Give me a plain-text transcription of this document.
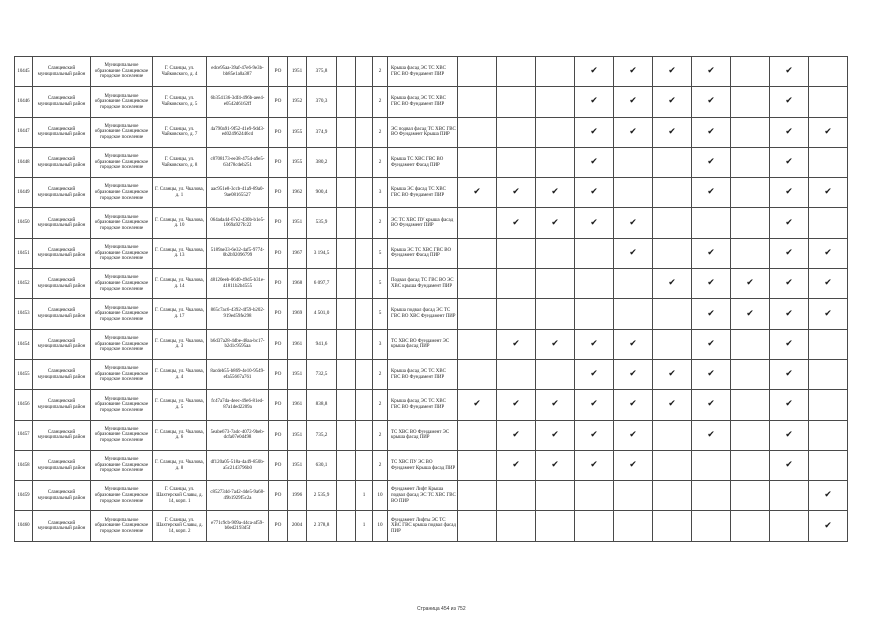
10445	Сланцевский муниципальный район	Муниципальное образование Сланцевское городское поселение	Г. Сланцы, ул. Чайковского, д. 4	edce95aa-39af-47e6-9e3b-bb85e1a0a387	РО	1951	375,8			2	Крыша фасад ЭС ТС ХВС ГВС ВО Фундамент ПИР				✔	✔	✔	✔		✔	
10446	Сланцевский муниципальный район	Муниципальное образование Сланцевское городское поселение	Г. Сланцы, ул. Чайковского, д. 5	6b354136-3df4-496b-aee4-e0542d6162ff	РО	1952	370,3			2	Крыша фасад ЭС ТС ХВС ГВС ВО Фундамент ПИР				✔	✔	✔	✔		✔	
10447	Сланцевский муниципальный район	Муниципальное образование Сланцевское городское поселение	Г. Сланцы, ул. Чайковского, д. 7	4a790a91-9f52-41e9-9dd3-ed024962446cd	РО	1955	374,9			2	ЭС подвал фасад ТС ХВС ГВС ВО Фундамент Крыша ПИР				✔	✔	✔	✔		✔	✔
10448	Сланцевский муниципальный район	Муниципальное образование Сланцевское городское поселение	Г. Сланцы, ул. Чайковского, д. 8	c8708173-ee38-4754-a9e5-63478cdeb251	РО	1955	380,2			2	Крыша ТС ХВС ГВС ВО Фундамент Фасад ПИР				✔			✔		✔	
10449	Сланцевский муниципальный район	Муниципальное образование Сланцевское городское поселение	Г. Сланцы, ул. Чкалова, д. 1	aac951e8-3ccb-41a9-89a0-9ae08165527	РО	1962	900,4			3	Крыша ЭС фасад ТС ХВС ГВС ВО Фундамент ПИР	✔	✔	✔	✔			✔		✔	✔
10450	Сланцевский муниципальный район	Муниципальное образование Сланцевское городское поселение	Г. Сланцы, ул. Чкалова, д. 10	064ada44-67e2-430b-b1e5-1069a927fc22	РО	1951	535,9			2	ЭС ТС ХВС ПУ крыша фасад ВО Фундамент ПИР		✔	✔	✔	✔				✔	
10451	Сланцевский муниципальный район	Муниципальное образование Сланцевское городское поселение	Г. Сланцы, ул. Чкалова, д. 13	5189ae33-6e32-4af5-9774-0b2b92096799	РО	1967	3 194,5			5	Крыша ЭС ТС ХВС ГВС ВО Фундамент Фасад ПИР					✔		✔		✔	✔
10452	Сланцевский муниципальный район	Муниципальное образование Сланцевское городское поселение	Г. Сланцы, ул. Чкалова, д. 14	48120eeb-0640-49d5-b31e-41811b2b4555	РО	1968	6 097,7			5	Подвал фасад ТС ГВС ВО ЭС ХВС крыша Фундамент ПИР						✔	✔	✔	✔	✔
10453	Сланцевский муниципальный район	Муниципальное образование Сланцевское городское поселение	Г. Сланцы, ул. Чкалова, д. 17	865c7ac6-4392-4f59-b202-919ed59fe298	РО	1969	4 501,0			5	Крыша подвал фасад ЭС ТС ГВС ВО ХВС Фундамент ПИР							✔	✔	✔	✔
10454	Сланцевский муниципальный район	Муниципальное образование Сланцевское городское поселение	Г. Сланцы, ул. Чкалова, д. 3	b6d37a28-4dbe-48aa-bc17-b2d1c9595aa	РО	1961	941,6			3	ТС ХВС ВО Фундамент ЭС крыша фасад ПИР		✔	✔	✔	✔		✔		✔	
10455	Сланцевский муниципальный район	Муниципальное образование Сланцевское городское поселение	Г. Сланцы, ул. Чкалова, д. 4	8acdeb55-b869-4e10-9549-efa55667a761	РО	1951	732,5			2	Крыша фасад ЭС ТС ХВС ГВС ВО Фундамент ПИР				✔	✔	✔	✔		✔	
10456	Сланцевский муниципальный район	Муниципальное образование Сланцевское городское поселение	Г. Сланцы, ул. Чкалова, д. 5	fc47a7da-4eec-49e6-81ed-87a1ded2209a	РО	1961	838,8			2	Крыша фасад ЭС ТС ХВС ГВС ВО Фундамент ПИР	✔	✔	✔	✔	✔	✔	✔		✔	
10457	Сланцевский муниципальный район	Муниципальное образование Сланцевское городское поселение	Г. Сланцы, ул. Чкалова, д. 6	5eabe673-7adc-4072-9beb-dcfa07e0d498	РО	1951	735,2			2	ТС ХВС ВО Фундамент ЭС крыша фасад ПИР		✔	✔	✔	✔		✔		✔	
10458	Сланцевский муниципальный район	Муниципальное образование Сланцевское городское поселение	Г. Сланцы, ул. Чкалова, д. 8	df120a05-518a-4a49-850b-a5c2143796b0	РО	1951	630,1			2	ТС ХВС ПУ ЭС ВО Фундамент Крыша фасад ПИР		✔	✔	✔	✔				✔	
10459	Сланцевский муниципальный район	Муниципальное образование Сланцевское городское поселение	Г. Сланцы, ул. Шахтерской Славы, д. 14, корп. 1	c852734d-7a42-4de5-9a68-49b1929f5c2a	РО	1996	2 535,9		1	10	Фундамент Лифт Крыша подвал фасад ЭС ТС ХВС ГВС ВО ПИР										✔
10460	Сланцевский муниципальный район	Муниципальное образование Сланцевское городское поселение	Г. Сланцы, ул. Шахтерской Славы, д. 14, корп. 2	e771c9cb-909a-44ca-af59-b0ed2193d5f	РО	2004	2 378,8		1	10	Фундамент Лифты ЭС ТС ХВС ГВС крыша подвал фасад ПИР										✔
Страница 454 из 752
